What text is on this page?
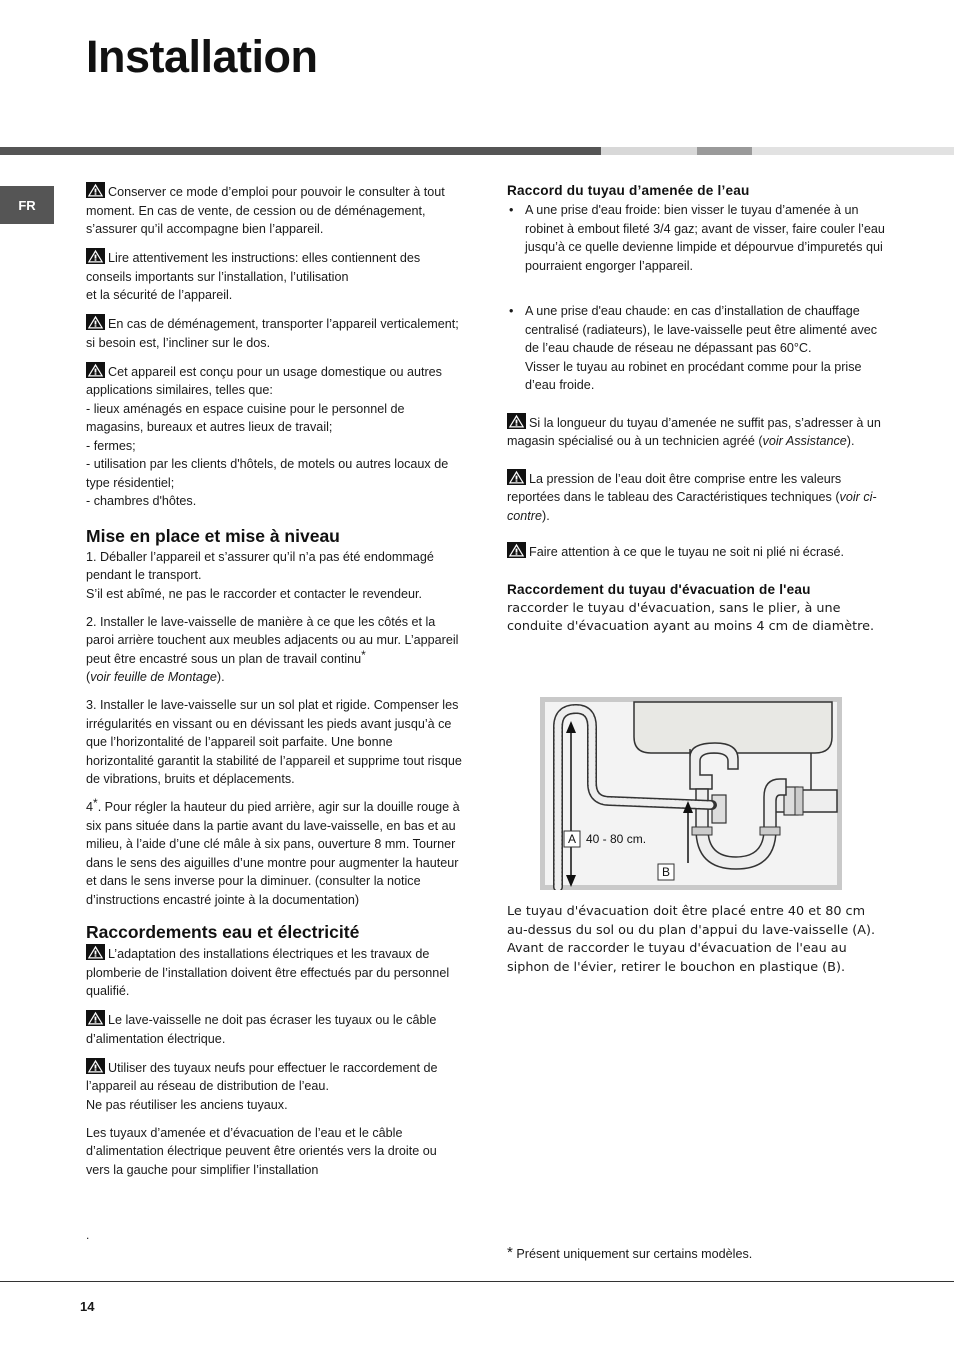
Installation
FR

Conserver ce mode d’emploi pour pouvoir le consulter à tout moment. En cas de vente, de cession ou de déménagement, s’assurer qu’il accompagne bien l’appareil.

Lire attentivement les instructions: elles contiennent des conseils importants sur l’installation, l’utilisation
et la sécurité de l’appareil.

En cas de déménagement, transporter l’appareil verticalement; si besoin est, l’incliner sur le dos.

Cet appareil est conçu pour un usage domestique ou autres applications similaires, telles que:
- lieux aménagés en espace cuisine pour le personnel de magasins, bureaux et autres lieux de travail;
- fermes;
- utilisation par les clients d'hôtels, de motels ou autres locaux de type résidentiel;
- chambres d'hôtes.

Mise en place et mise à niveau

1. Déballer l’appareil et s’assurer qu’il n’a pas été endommagé pendant le transport.
S’il est abîmé, ne pas le raccorder et contacter le revendeur.

2. Installer le lave-vaisselle de manière à ce que les côtés et la paroi arrière touchent aux meubles adjacents ou au mur. L’appareil peut être encastré sous un plan de travail continu*
(voir feuille de Montage).

3. Installer le lave-vaisselle sur un sol plat et rigide. Compenser les irrégularités en vissant ou en dévissant les pieds avant jusqu’à ce que l’horizontalité de l’appareil soit parfaite. Une bonne horizontalité garantit la stabilité de l’appareil et supprime tout risque de vibrations, bruits et déplacements.

4*. Pour régler la hauteur du pied arrière, agir sur la douille rouge à six pans située dans la partie avant du lave-vaisselle, en bas et au milieu, à l’aide d’une clé mâle à six pans, ouverture 8 mm. Tourner dans le sens des aiguilles d’une montre pour augmenter la hauteur et dans le sens inverse pour la diminuer. (consulter la notice d’instructions encastré jointe à la documentation)

Raccordements eau et électricité

L’adaptation des installations électriques et les travaux de plomberie de l’installation doivent être effectués par du personnel qualifié.

Le lave-vaisselle ne doit pas écraser les tuyaux ou le câble d’alimentation électrique.

Utiliser des tuyaux neufs pour effectuer le raccordement de l’appareil au réseau de distribution de l’eau.
Ne pas réutiliser les anciens tuyaux.

Les tuyaux d’amenée et d’évacuation de l’eau et le câble d’alimentation électrique peuvent être orientés vers la droite ou vers la gauche pour simplifier l’installation

.
Raccord du tuyau d’amenée de l’eau
• A une prise d'eau froide: bien visser le tuyau d’amenée à un robinet à embout fileté 3/4 gaz; avant de visser, faire couler l’eau jusqu’à ce quelle devienne limpide et dépourvue d’impuretés qui pourraient engorger l’appareil.
• A une prise d'eau chaude: en cas d’installation de chauffage centralisé (radiateurs), le lave-vaisselle peut être alimenté avec de l’eau chaude de réseau ne dépassant pas 60°C.
Visser le tuyau au robinet en procédant comme pour la prise d’eau froide.

Si la longueur du tuyau d’amenée ne suffit pas, s’adresser à un magasin spécialisé ou à un technicien agréé (voir Assistance).

La pression de l’eau doit être comprise entre les valeurs reportées dans le tableau des Caractéristiques techniques (voir ci-contre).

Faire attention à ce que le tuyau ne soit ni plié ni écrasé.

Raccordement du tuyau d'évacuation de l'eau

raccorder le tuyau d'évacuation, sans le plier, à une conduite d'évacuation ayant au moins 4 cm de diamètre.

A 40 - 80 cm.
B
Le tuyau d'évacuation doit être placé entre 40 et 80 cm au-dessus du sol ou du plan d'appui du lave-vaisselle (A).
Avant de raccorder le tuyau d'évacuation de l'eau au siphon de l'évier, retirer le bouchon en plastique (B).
* Présent uniquement sur certains modèles.
14
